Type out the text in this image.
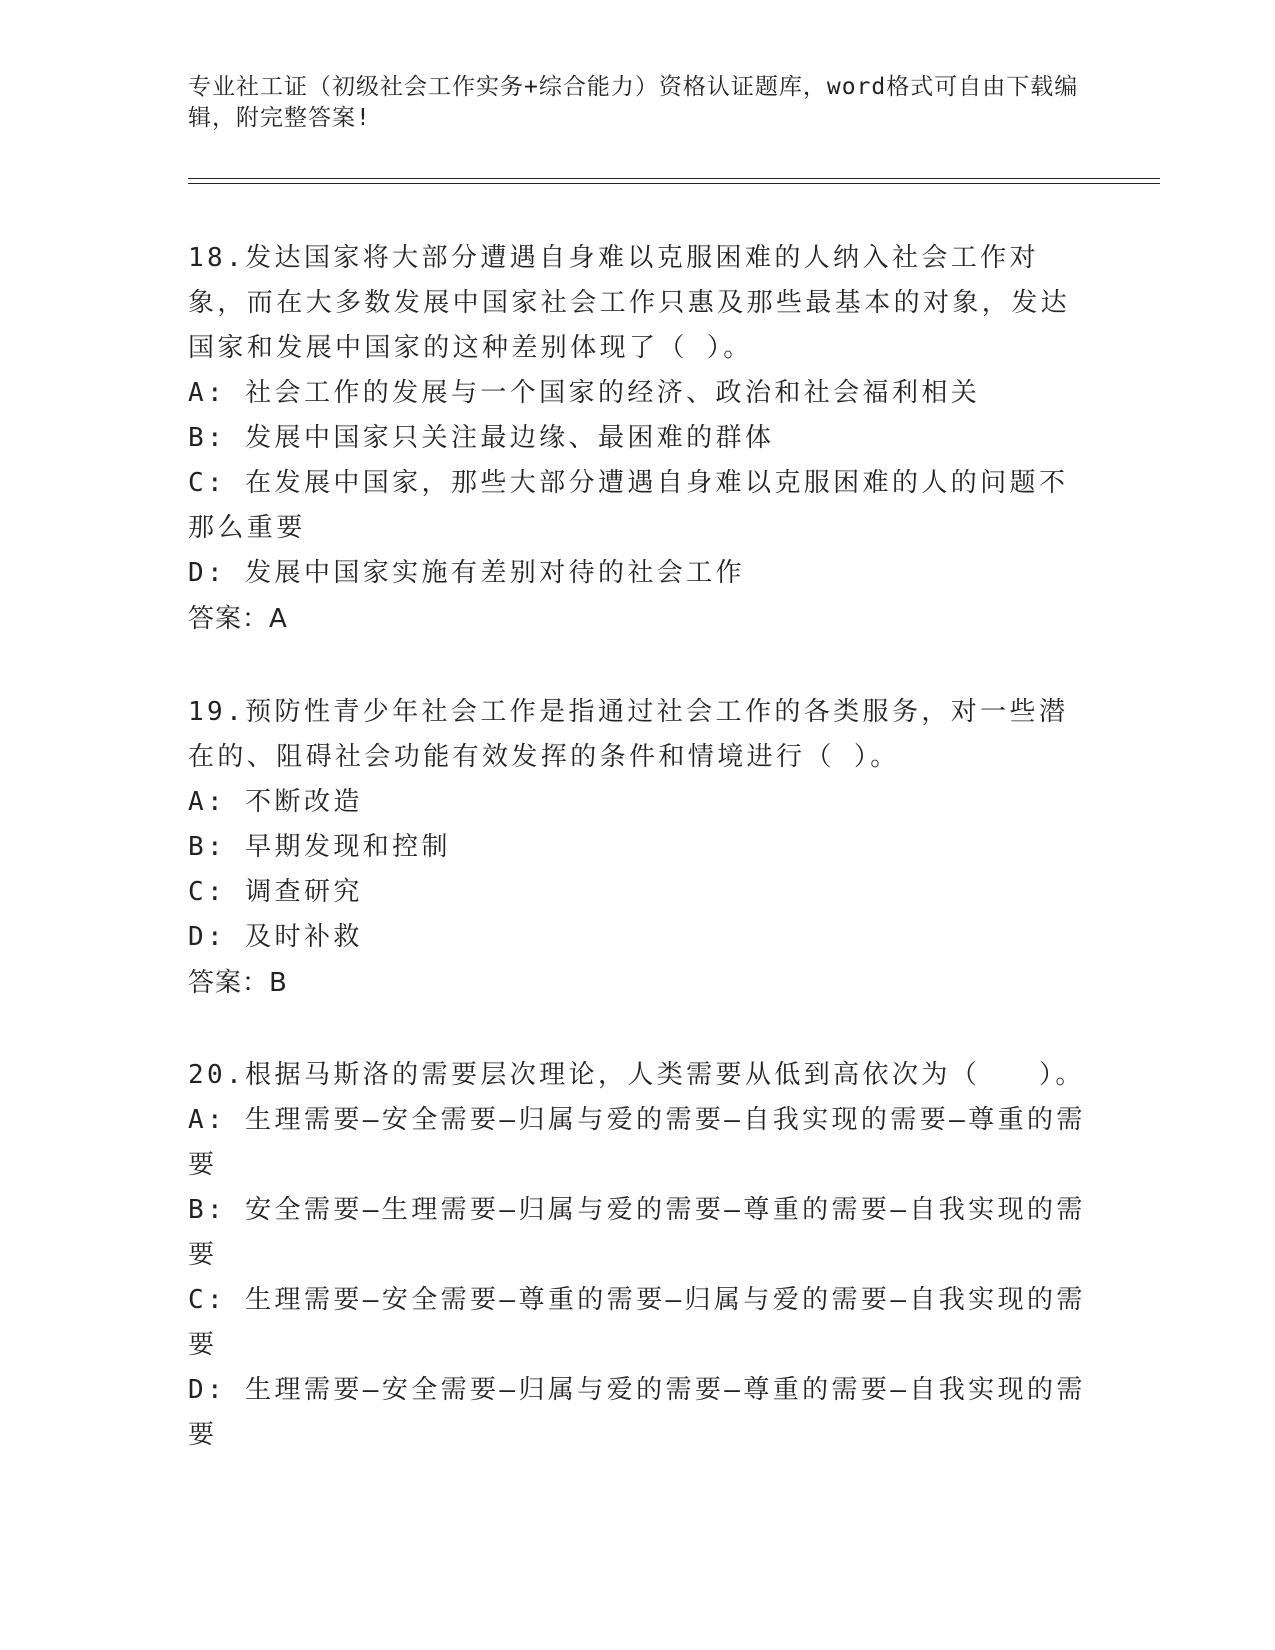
专业社工证（初级社会工作实务+综合能力）资格认证题库，word格式可自由下载编辑，附完整答案!
18.发达国家将大部分遭遇自身难以克服困难的人纳入社会工作对象，而在大多数发展中国家社会工作只惠及那些最基本的对象，发达国家和发展中国家的这种差别体现了（ ）。
A: 社会工作的发展与一个国家的经济、政治和社会福利相关
B: 发展中国家只关注最边缘、最困难的群体
C: 在发展中国家，那些大部分遭遇自身难以克服困难的人的问题不那么重要
D: 发展中国家实施有差别对待的社会工作
答案：A
19.预防性青少年社会工作是指通过社会工作的各类服务，对一些潜在的、阻碍社会功能有效发挥的条件和情境进行（ ）。
A: 不断改造
B: 早期发现和控制
C: 调查研究
D: 及时补救
答案：B
20.根据马斯洛的需要层次理论，人类需要从低到高依次为（　　）。
A: 生理需要—安全需要—归属与爱的需要—自我实现的需要—尊重的需要
B: 安全需要—生理需要—归属与爱的需要—尊重的需要—自我实现的需要
C: 生理需要—安全需要—尊重的需要—归属与爱的需要—自我实现的需要
D: 生理需要—安全需要—归属与爱的需要—尊重的需要—自我实现的需要
